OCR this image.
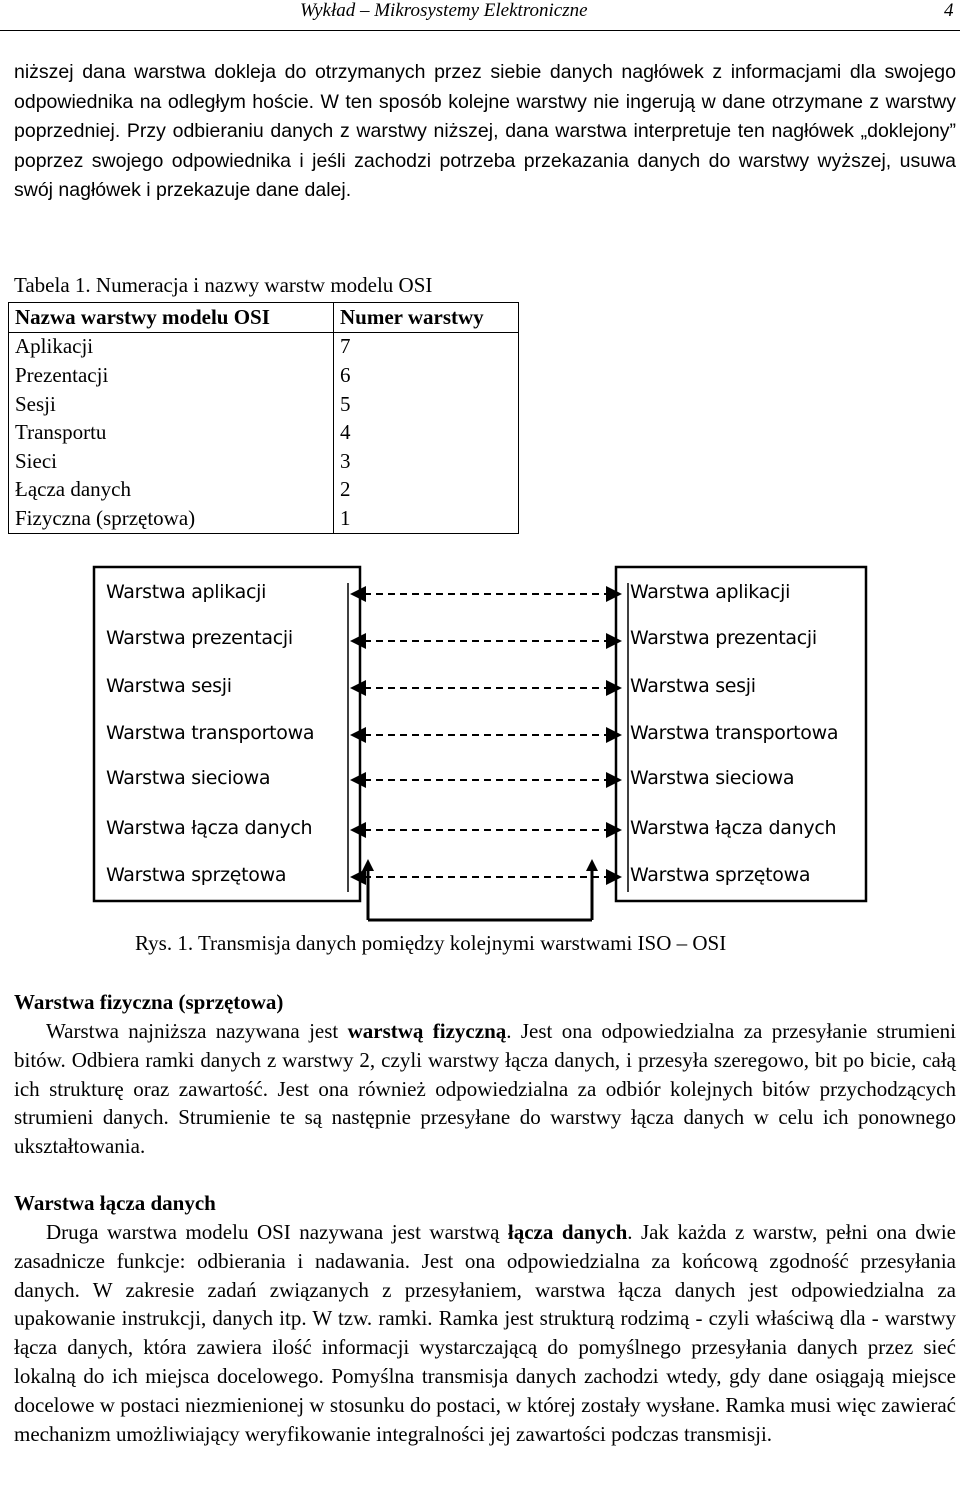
Wykład – Mikrosystemy Elektroniczne	4

niższej dana warstwa dokleja do otrzymanych przez siebie danych nagłówek z informacjami dla swojego odpowiednika na odległym hoście. W ten sposób kolejne warstwy nie ingerują w dane otrzymane z warstwy poprzedniej. Przy odbieraniu danych z warstwy niższej, dana warstwa interpretuje ten nagłówek „doklejony” poprzez swojego odpowiednika i jeśli zachodzi potrzeba przekazania danych do warstwy wyższej, usuwa swój nagłówek i przekazuje dane dalej.

Tabela 1. Numeracja i nazwy warstw modelu OSI
Nazwa warstwy modelu OSI	Numer warstwy
Aplikacji	7
Prezentacji	6
Sesji	5
Transportu	4
Sieci	3
Łącza danych	2
Fizyczna (sprzętowa)	1
Warstwa aplikacji
Warstwa prezentacji
Warstwa sesji
Warstwa transportowa
Warstwa sieciowa
Warstwa łącza danych
Warstwa sprzętowa
Warstwa aplikacji
Warstwa prezentacji
Warstwa sesji
Warstwa transportowa
Warstwa sieciowa
Warstwa łącza danych
Warstwa sprzętowa
Rys. 1. Transmisja danych pomiędzy kolejnymi warstwami ISO – OSI
Warstwa fizyczna (sprzętowa)

Warstwa najniższa nazywana jest warstwą fizyczną. Jest ona odpowiedzialna za przesyłanie strumieni bitów. Odbiera ramki danych z warstwy 2, czyli warstwy łącza danych, i przesyła szeregowo, bit po bicie, całą ich strukturę oraz zawartość. Jest ona również odpowiedzialna za odbiór kolejnych bitów przychodzących strumieni danych. Strumienie te są następnie przesyłane do warstwy łącza danych w celu ich ponownego ukształtowania.

Warstwa łącza danych

Druga warstwa modelu OSI nazywana jest warstwą łącza danych. Jak każda z warstw, pełni ona dwie zasadnicze funkcje: odbierania i nadawania. Jest ona odpowiedzialna za końcową zgodność przesyłania danych. W zakresie zadań związanych z przesyłaniem, warstwa łącza danych jest odpowiedzialna za upakowanie instrukcji, danych itp. W tzw. ramki. Ramka jest strukturą rodzimą - czyli właściwą dla - warstwy łącza danych, która zawiera ilość informacji wystarczającą do pomyślnego przesyłania danych przez sieć lokalną do ich miejsca docelowego. Pomyślna transmisja danych zachodzi wtedy, gdy dane osiągają miejsce docelowe w postaci niezmienionej w stosunku do postaci, w której zostały wysłane. Ramka musi więc zawierać mechanizm umożliwiający weryfikowanie integralności jej zawartości podczas transmisji.
